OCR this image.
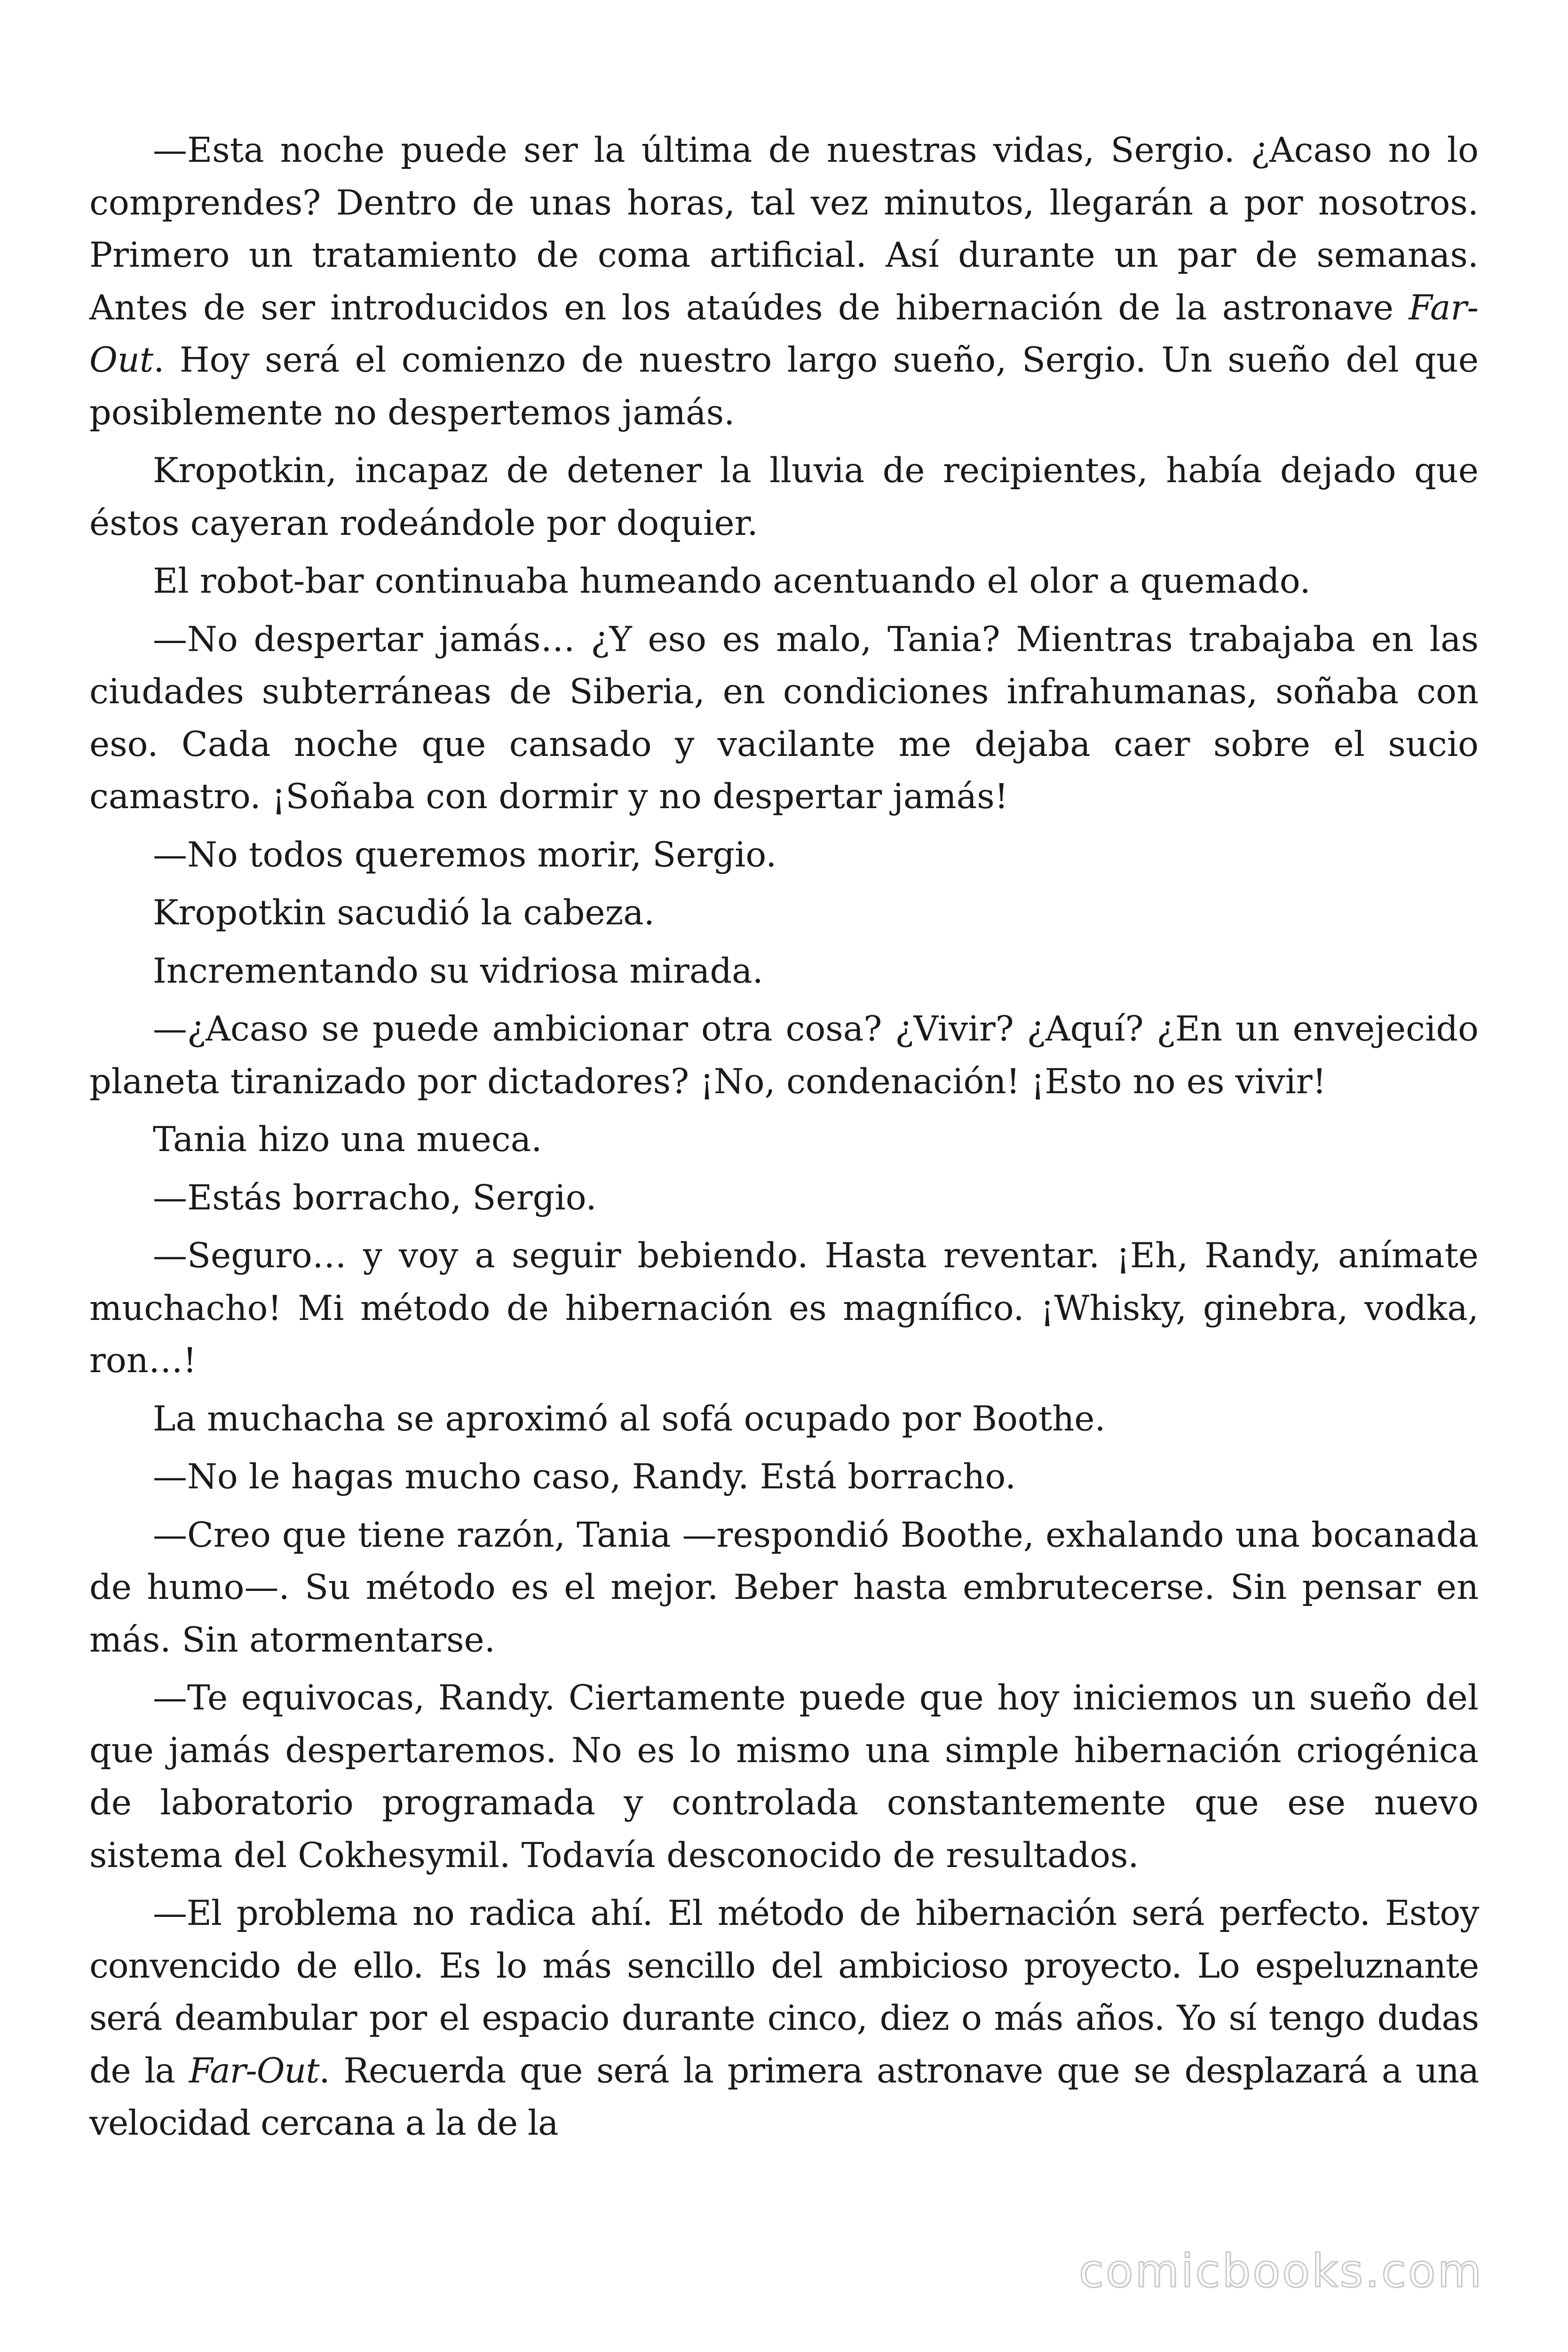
—Esta noche puede ser la última de nuestras vidas, Sergio. ¿Acaso no lo comprendes? Dentro de unas horas, tal vez minutos, llegarán a por nosotros. Primero un tratamiento de coma artificial. Así durante un par de semanas. Antes de ser introducidos en los ataúdes de hibernación de la astronave Far-Out. Hoy será el comienzo de nuestro largo sueño, Sergio. Un sueño del que posiblemente no despertemos jamás.

Kropotkin, incapaz de detener la lluvia de recipientes, había dejado que éstos cayeran rodeándole por doquier.

El robot-bar continuaba humeando acentuando el olor a quemado.

—No despertar jamás… ¿Y eso es malo, Tania? Mientras trabajaba en las ciudades subterráneas de Siberia, en condiciones infrahumanas, soñaba con eso. Cada noche que cansado y vacilante me dejaba caer sobre el sucio camastro. ¡Soñaba con dormir y no despertar jamás!

—No todos queremos morir, Sergio.

Kropotkin sacudió la cabeza.

Incrementando su vidriosa mirada.

—¿Acaso se puede ambicionar otra cosa? ¿Vivir? ¿Aquí? ¿En un envejecido planeta tiranizado por dictadores? ¡No, condenación! ¡Esto no es vivir!

Tania hizo una mueca.

—Estás borracho, Sergio.

—Seguro… y voy a seguir bebiendo. Hasta reventar. ¡Eh, Randy, anímate muchacho! Mi método de hibernación es magnífico. ¡Whisky, ginebra, vodka, ron…!

La muchacha se aproximó al sofá ocupado por Boothe.

—No le hagas mucho caso, Randy. Está borracho.

—Creo que tiene razón, Tania —respondió Boothe, exhalando una bocanada de humo—. Su método es el mejor. Beber hasta embrutecerse. Sin pensar en más. Sin atormentarse.

—Te equivocas, Randy. Ciertamente puede que hoy iniciemos un sueño del que jamás despertaremos. No es lo mismo una simple hibernación criogénica de laboratorio programada y controlada constantemente que ese nuevo sistema del Cokhesymil. Todavía desconocido de resultados.

—El problema no radica ahí. El método de hibernación será perfecto. Estoy convencido de ello. Es lo más sencillo del ambicioso proyecto. Lo espeluznante será deambular por el espacio durante cinco, diez o más años. Yo sí tengo dudas de la Far-Out. Recuerda que será la primera astronave que se desplazará a una velocidad cercana a la de la

comicbooks.com
